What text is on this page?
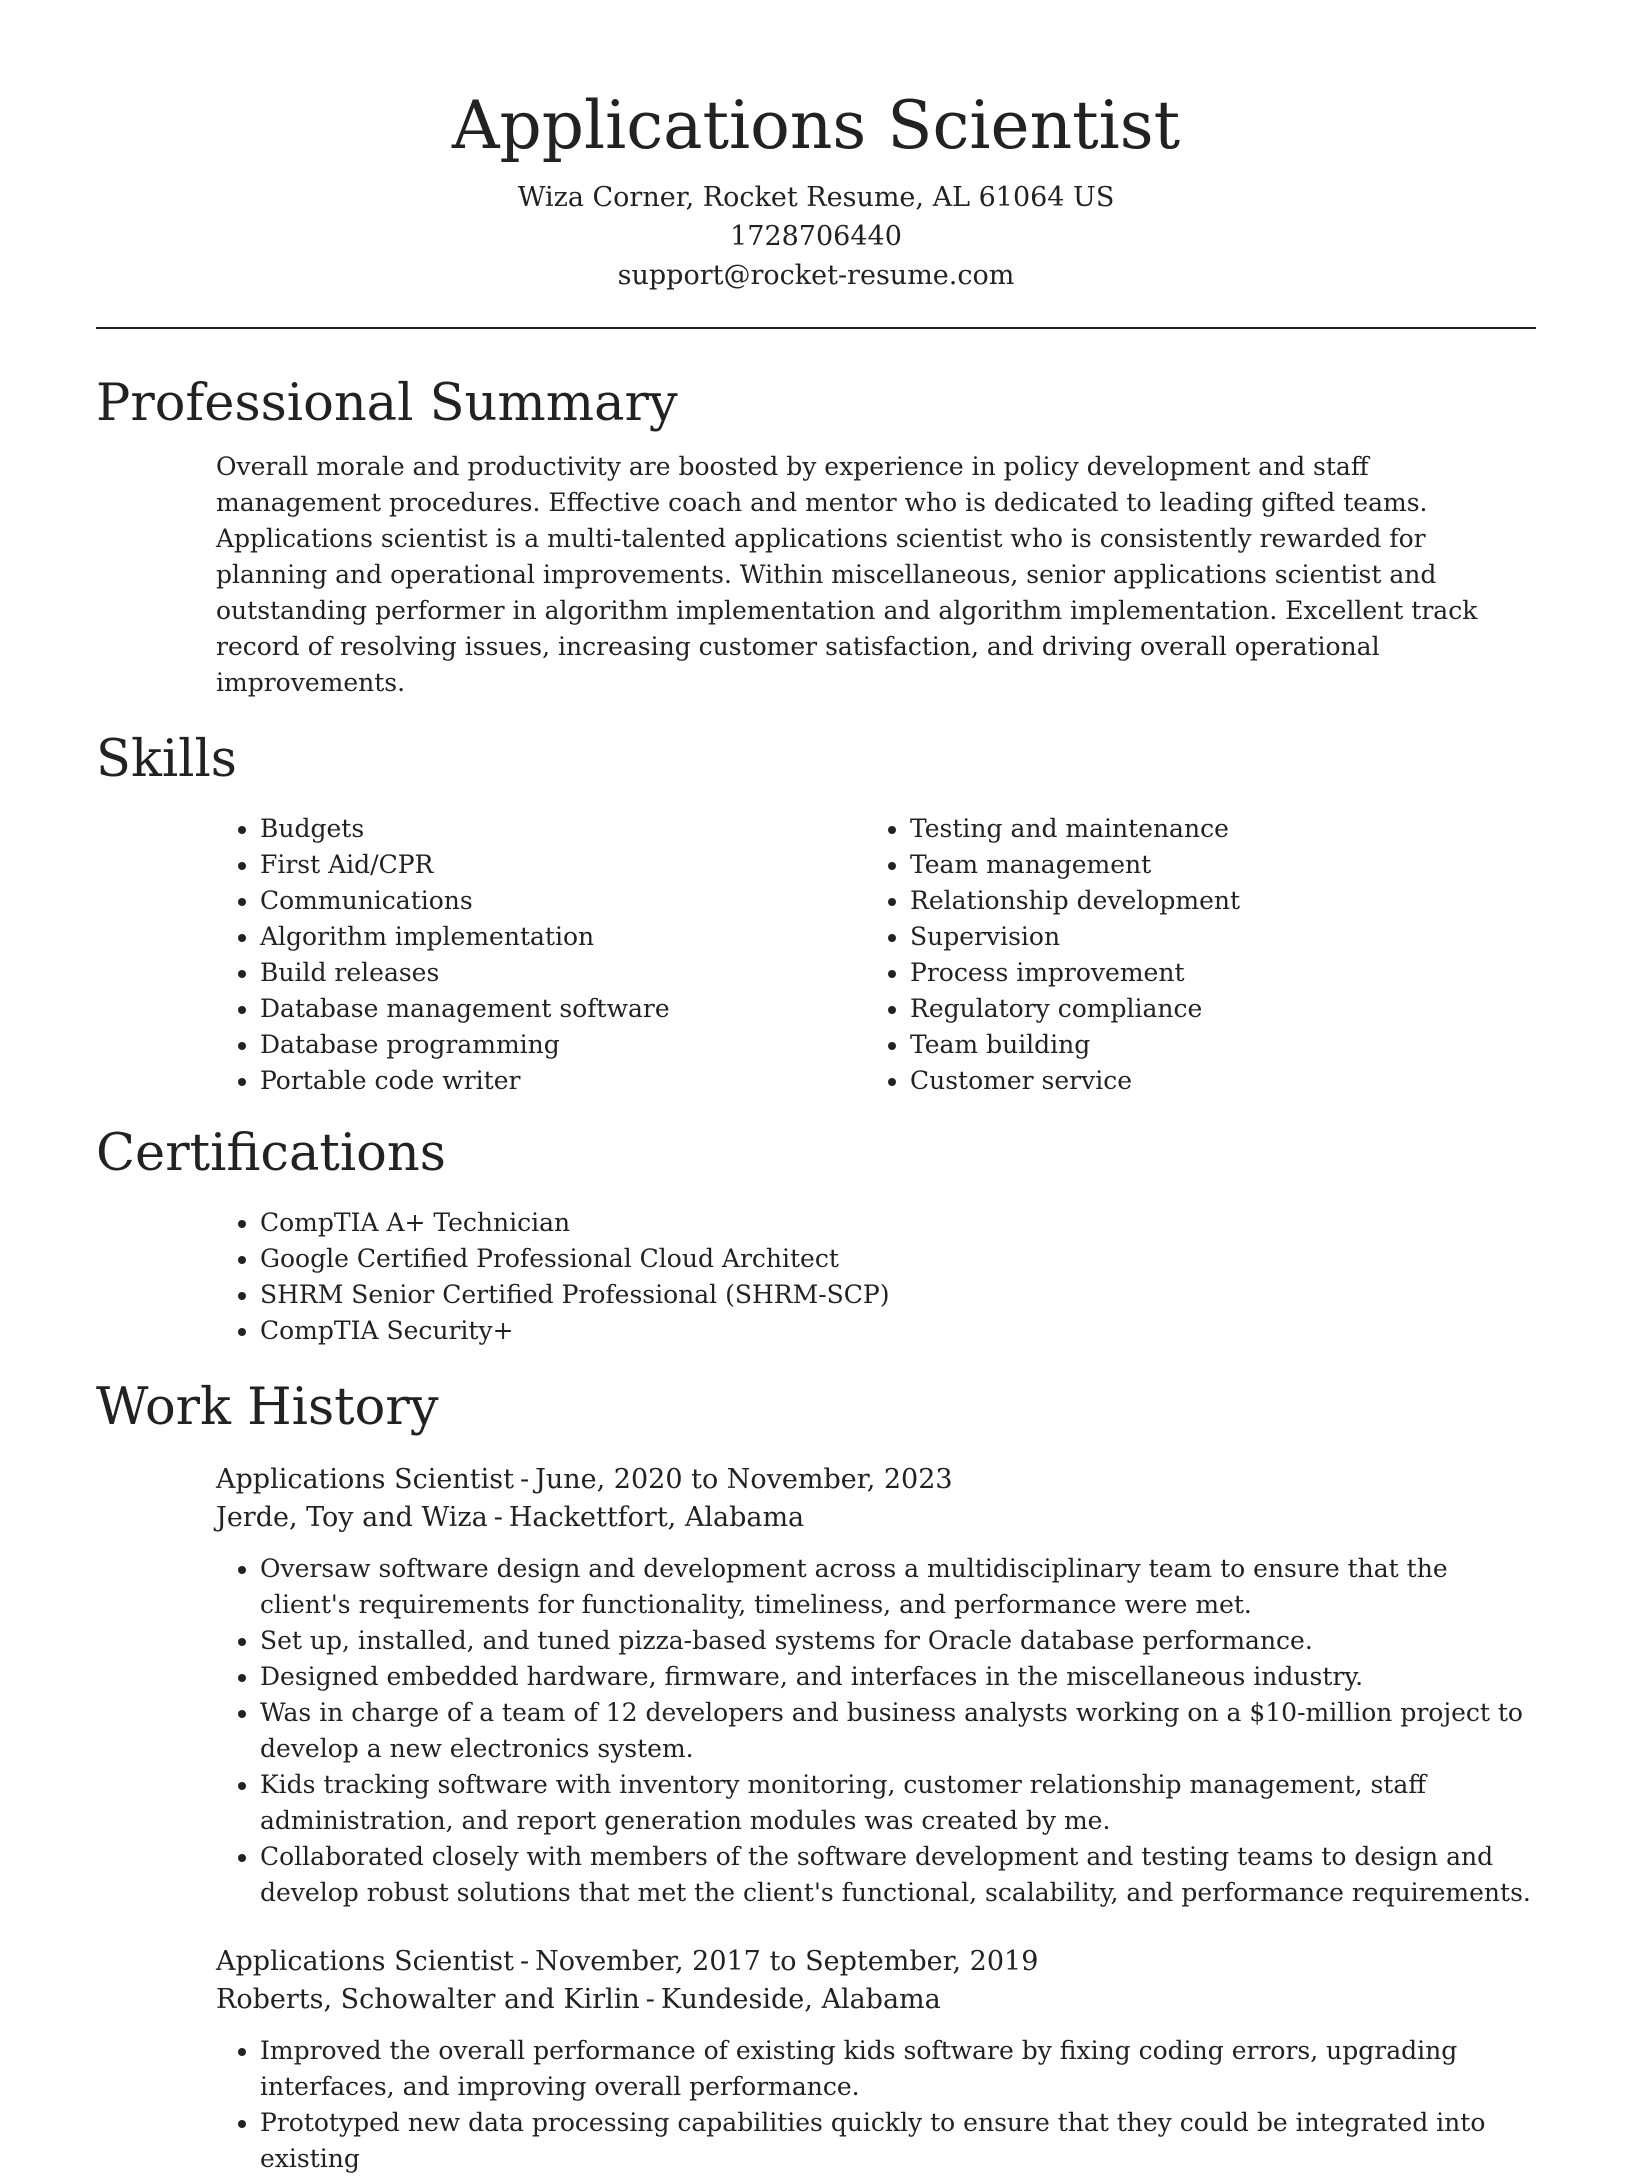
Applications Scientist
Wiza Corner, Rocket Resume, AL 61064 US
1728706440
support@rocket-resume.com
Professional Summary

Overall morale and productivity are boosted by experience in policy development and staff management procedures. Effective coach and mentor who is dedicated to leading gifted teams. Applications scientist is a multi-talented applications scientist who is consistently rewarded for planning and operational improvements. Within miscellaneous, senior applications scientist and outstanding performer in algorithm implementation and algorithm implementation. Excellent track record of resolving issues, increasing customer satisfaction, and driving overall operational improvements.

Skills
• Budgets
• First Aid/CPR
• Communications
• Algorithm implementation
• Build releases
• Database management software
• Database programming
• Portable code writer
• Testing and maintenance
• Team management
• Relationship development
• Supervision
• Process improvement
• Regulatory compliance
• Team building
• Customer service
Certifications
• CompTIA A+ Technician
• Google Certified Professional Cloud Architect
• SHRM Senior Certified Professional (SHRM-SCP)
• CompTIA Security+
Work History
Applications Scientist - June, 2020 to November, 2023
Jerde, Toy and Wiza - Hackettfort, Alabama
• Oversaw software design and development across a multidisciplinary team to ensure that the client's requirements for functionality, timeliness, and performance were met.
• Set up, installed, and tuned pizza-based systems for Oracle database performance.
• Designed embedded hardware, firmware, and interfaces in the miscellaneous industry.
• Was in charge of a team of 12 developers and business analysts working on a $10-million project to develop a new electronics system.
• Kids tracking software with inventory monitoring, customer relationship management, staff administration, and report generation modules was created by me.
• Collaborated closely with members of the software development and testing teams to design and develop robust solutions that met the client's functional, scalability, and performance requirements.
Applications Scientist - November, 2017 to September, 2019
Roberts, Schowalter and Kirlin - Kundeside, Alabama
• Improved the overall performance of existing kids software by fixing coding errors, upgrading interfaces, and improving overall performance.
• Prototyped new data processing capabilities quickly to ensure that they could be integrated into existing
